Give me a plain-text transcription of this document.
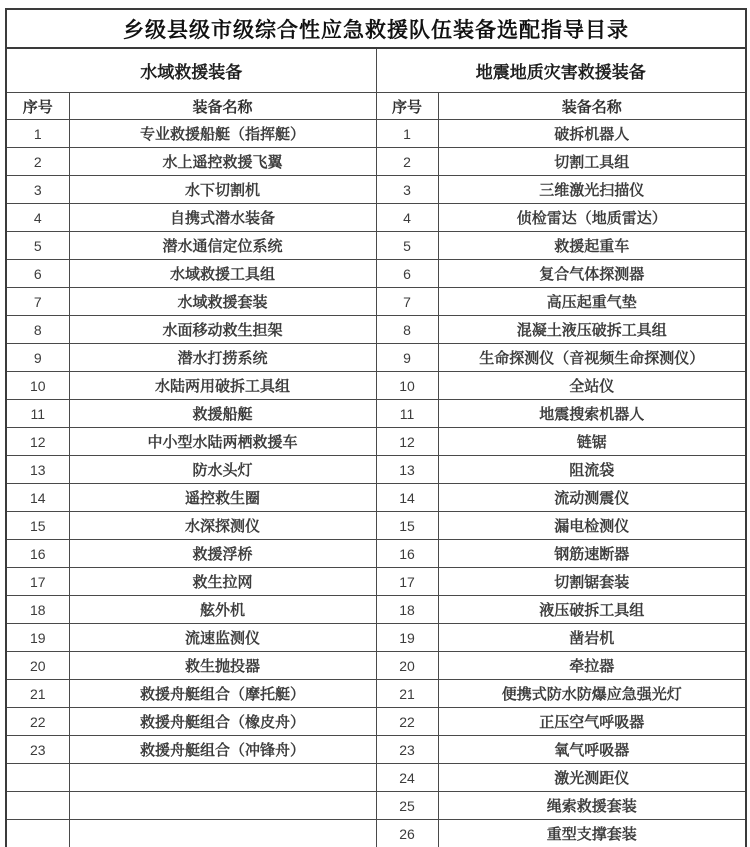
乡级县级市级综合性应急救援队伍装备选配指导目录			
水域救援装备		地震地质灾害救援装备	
序号	装备名称	序号	装备名称
1	专业救援船艇（指挥艇）	1	破拆机器人
2	水上遥控救援飞翼	2	切割工具组
3	水下切割机	3	三维激光扫描仪
4	自携式潜水装备	4	侦检雷达（地质雷达）
5	潜水通信定位系统	5	救援起重车
6	水域救援工具组	6	复合气体探测器
7	水域救援套装	7	高压起重气垫
8	水面移动救生担架	8	混凝土液压破拆工具组
9	潜水打捞系统	9	生命探测仪（音视频生命探测仪）
10	水陆两用破拆工具组	10	全站仪
11	救援船艇	11	地震搜索机器人
12	中小型水陆两栖救援车	12	链锯
13	防水头灯	13	阻流袋
14	遥控救生圈	14	流动测震仪
15	水深探测仪	15	漏电检测仪
16	救援浮桥	16	钢筋速断器
17	救生拉网	17	切割锯套装
18	舷外机	18	液压破拆工具组
19	流速监测仪	19	凿岩机
20	救生抛投器	20	牵拉器
21	救援舟艇组合（摩托艇）	21	便携式防水防爆应急强光灯
22	救援舟艇组合（橡皮舟）	22	正压空气呼吸器
23	救援舟艇组合（冲锋舟）	23	氧气呼吸器
		24	激光测距仪
		25	绳索救援套装
		26	重型支撑套装
